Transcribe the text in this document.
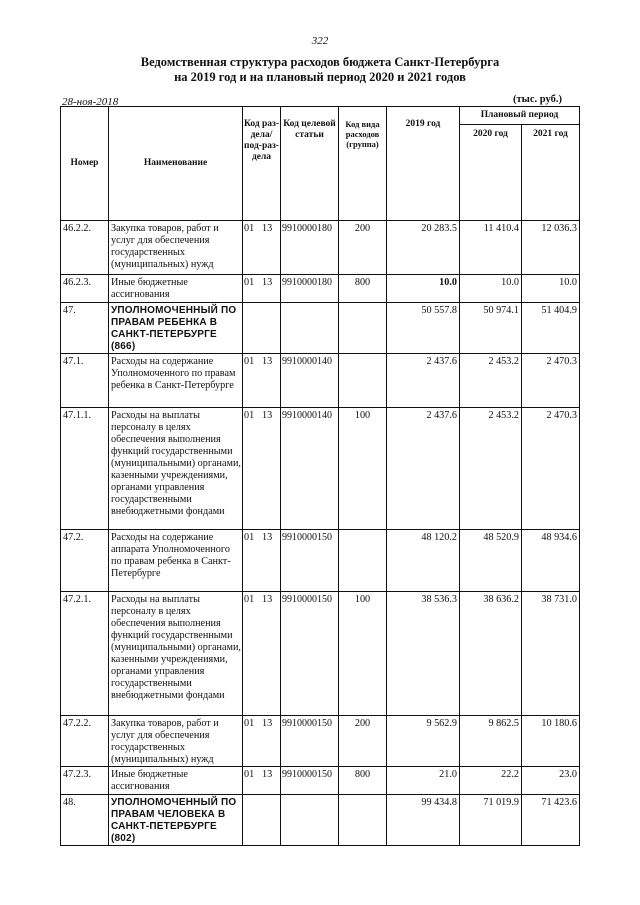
322
Ведомственная структура расходов бюджета Санкт-Петербурга
на 2019 год и на плановый период 2020 и 2021 годов
28-ноя-2018	(тыс. руб.)
Номер	Наименование	Код раз-дела/ под-раз-дела	Код целевой статьи	Код вида расходов (группа)	2019 год	Плановый период	
						2020 год	2021 год
46.2.2.	Закупка товаров, работ и услуг для обеспечения государственных (муниципальных) нужд	01 13	9910000180	200	20 283.5	11 410.4	12 036.3
46.2.3.	Иные бюджетные ассигнования	01 13	9910000180	800	10.0	10.0	10.0
47.	УПОЛНОМОЧЕННЫЙ ПО ПРАВАМ РЕБЕНКА В САНКТ-ПЕТЕРБУРГЕ (866)				50 557.8	50 974.1	51 404.9
47.1.	Расходы на содержание Уполномоченного по правам ребенка в Санкт-Петербурге	01 13	9910000140		2 437.6	2 453.2	2 470.3
47.1.1.	Расходы на выплаты персоналу в целях обеспечения выполнения функций государственными (муниципальными) органами, казенными учреждениями, органами управления государственными внебюджетными фондами	01 13	9910000140	100	2 437.6	2 453.2	2 470.3
47.2.	Расходы на содержание аппарата Уполномоченного по правам ребенка в Санкт-Петербурге	01 13	9910000150		48 120.2	48 520.9	48 934.6
47.2.1.	Расходы на выплаты персоналу в целях обеспечения выполнения функций государственными (муниципальными) органами, казенными учреждениями, органами управления государственными внебюджетными фондами	01 13	9910000150	100	38 536.3	38 636.2	38 731.0
47.2.2.	Закупка товаров, работ и услуг для обеспечения государственных (муниципальных) нужд	01 13	9910000150	200	9 562.9	9 862.5	10 180.6
47.2.3.	Иные бюджетные ассигнования	01 13	9910000150	800	21.0	22.2	23.0
48.	УПОЛНОМОЧЕННЫЙ ПО ПРАВАМ ЧЕЛОВЕКА В САНКТ-ПЕТЕРБУРГЕ (802)				99 434.8	71 019.9	71 423.6
